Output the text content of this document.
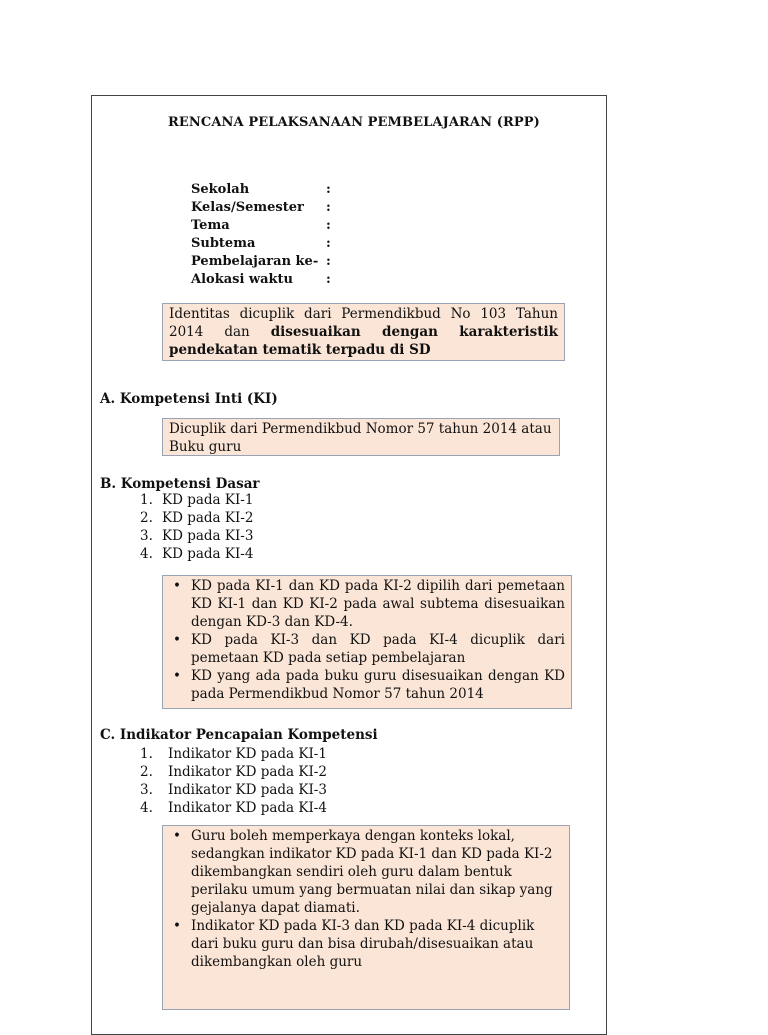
RENCANA PELAKSANAAN PEMBELAJARAN (RPP)
Sekolah	:
Kelas/Semester	:
Tema	:
Subtema	:
Pembelajaran ke- :
Alokasi waktu	:
Identitas dicuplik dari Permendikbud No 103 Tahun 2014 dan disesuaikan dengan karakteristik pendekatan tematik terpadu di SD
A. Kompetensi Inti (KI)
Dicuplik dari Permendikbud Nomor 57 tahun 2014 atau Buku guru
B. Kompetensi Dasar
1. KD pada KI-1
2. KD pada KI-2
3. KD pada KI-3
4. KD pada KI-4
• KD pada KI-1 dan KD pada KI-2 dipilih dari pemetaan KD KI-1 dan KD KI-2 pada awal subtema disesuaikan dengan KD-3 dan KD-4.
• KD pada KI-3 dan KD pada KI-4 dicuplik dari pemetaan KD pada setiap pembelajaran
• KD yang ada pada buku guru disesuaikan dengan KD pada Permendikbud Nomor 57 tahun 2014
C. Indikator Pencapaian Kompetensi
1.	Indikator KD pada KI-1
2.	Indikator KD pada KI-2
3.	Indikator KD pada KI-3
4.	Indikator KD pada KI-4
• Guru boleh memperkaya dengan konteks lokal, sedangkan indikator KD pada KI-1 dan KD pada KI-2 dikembangkan sendiri oleh guru dalam bentuk perilaku umum yang bermuatan nilai dan sikap yang gejalanya dapat diamati.
• Indikator KD pada KI-3 dan KD pada KI-4 dicuplik dari buku guru dan bisa dirubah/disesuaikan atau dikembangkan oleh guru
